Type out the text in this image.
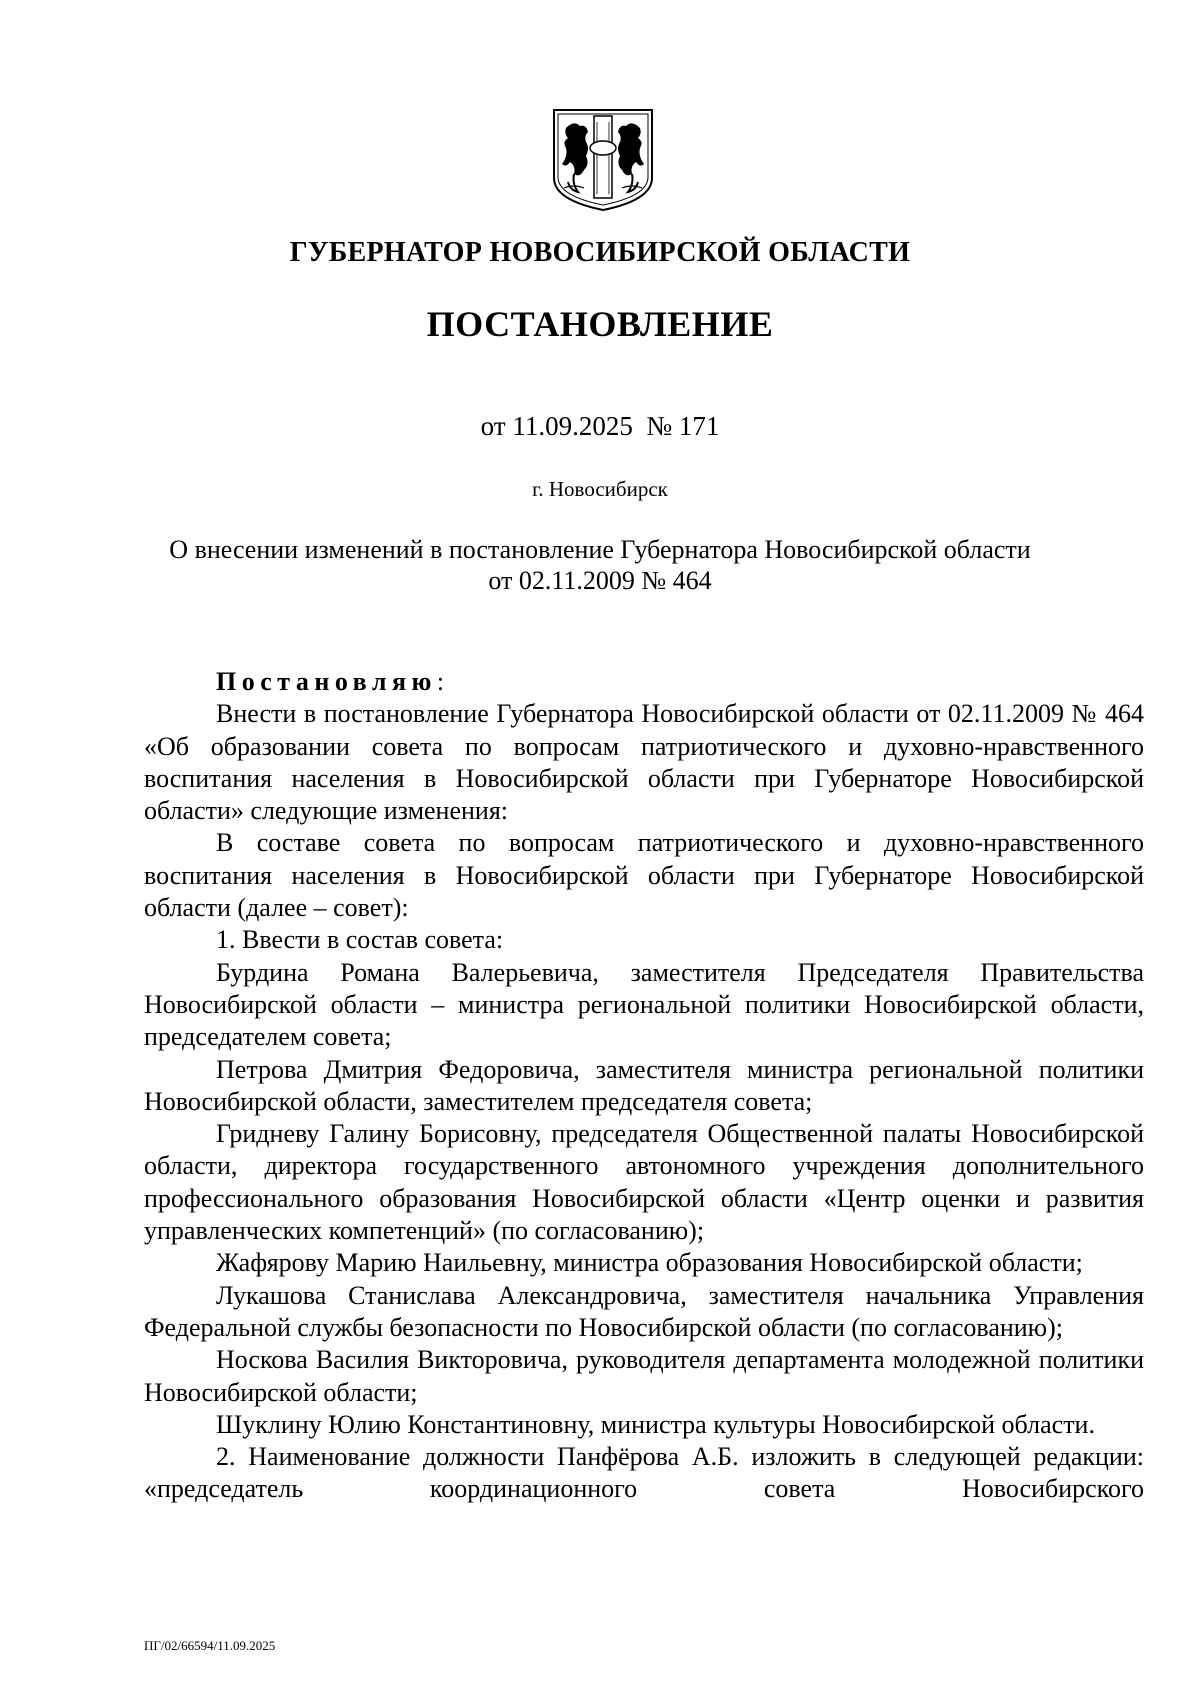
ГУБЕРНАТОР НОВОСИБИРСКОЙ ОБЛАСТИ
ПОСТАНОВЛЕНИЕ
от 11.09.2025  № 171
г. Новосибирск
О внесении изменений в постановление Губернатора Новосибирской области
от 02.11.2009 № 464
Постановляю:

Внести в постановление Губернатора Новосибирской области от 02.11.2009 № 464 «Об образовании совета по вопросам патриотического и духовно-нравственного воспитания населения в Новосибирской области при Губернаторе Новосибирской области» следующие изменения:

В составе совета по вопросам патриотического и духовно-нравственного воспитания населения в Новосибирской области при Губернаторе Новосибирской области (далее – совет):

1. Ввести в состав совета:

Бурдина Романа Валерьевича, заместителя Председателя Правительства Новосибирской области – министра региональной политики Новосибирской области, председателем совета;

Петрова Дмитрия Федоровича, заместителя министра региональной политики Новосибирской области, заместителем председателя совета;

Гридневу Галину Борисовну, председателя Общественной палаты Новосибирской области, директора государственного автономного учреждения дополнительного профессионального образования Новосибирской области «Центр оценки и развития управленческих компетенций» (по согласованию);

Жафярову Марию Наильевну, министра образования Новосибирской области;

Лукашова Станислава Александровича, заместителя начальника Управления Федеральной службы безопасности по Новосибирской области (по согласованию);

Носкова Василия Викторовича, руководителя департамента молодежной политики Новосибирской области;

Шуклину Юлию Константиновну, министра культуры Новосибирской области.

2. Наименование должности Панфёрова А.Б. изложить в следующей редакции: «председатель координационного совета Новосибирского

ПГ/02/66594/11.09.2025
